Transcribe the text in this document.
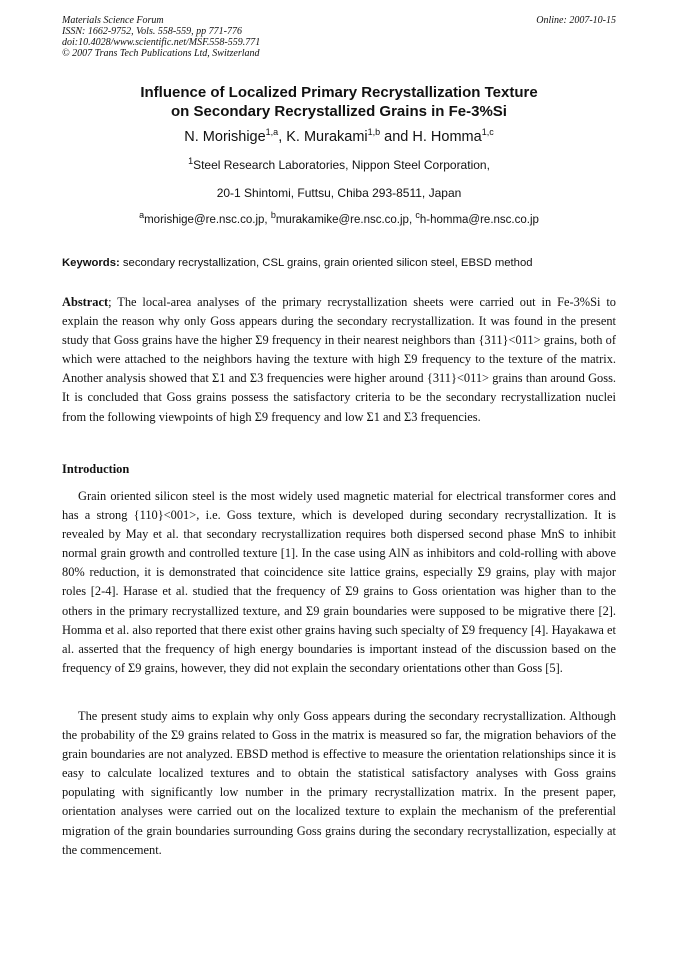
Materials Science Forum
ISSN: 1662-9752, Vols. 558-559, pp 771-776
doi:10.4028/www.scientific.net/MSF.558-559.771
© 2007 Trans Tech Publications Ltd, Switzerland
Online: 2007-10-15
Influence of Localized Primary Recrystallization Texture
on Secondary Recrystallized Grains in Fe-3%Si
N. Morishige$^{1,a}$, K. Murakami$^{1,b}$ and H. Homma$^{1,c}$
$^1$Steel Research Laboratories, Nippon Steel Corporation,
20-1 Shintomi, Futtsu, Chiba 293-8511, Japan
$^a$morishige@re.nsc.co.jp, $^b$murakamike@re.nsc.co.jp, $^c$h-homma@re.nsc.co.jp
Keywords: secondary recrystallization, CSL grains, grain oriented silicon steel, EBSD method
Abstract; The local-area analyses of the primary recrystallization sheets were carried out in Fe-3%Si to explain the reason why only Goss appears during the secondary recrystallization. It was found in the present study that Goss grains have the higher Σ9 frequency in their nearest neighbors than {311}<011> grains, both of which were attached to the neighbors having the texture with high Σ9 frequency to the texture of the matrix. Another analysis showed that Σ1 and Σ3 frequencies were higher around {311}<011> grains than around Goss. It is concluded that Goss grains possess the satisfactory criteria to be the secondary recrystallization nuclei from the following viewpoints of high Σ9 frequency and low Σ1 and Σ3 frequencies.
Introduction
Grain oriented silicon steel is the most widely used magnetic material for electrical transformer cores and has a strong {110}<001>, i.e. Goss texture, which is developed during secondary recrystallization. It is revealed by May et al. that secondary recrystallization requires both dispersed second phase MnS to inhibit normal grain growth and controlled texture [1]. In the case using AlN as inhibitors and cold-rolling with above 80% reduction, it is demonstrated that coincidence site lattice grains, especially Σ9 grains, play with major roles [2-4]. Harase et al. studied that the frequency of Σ9 grains to Goss orientation was higher than to the others in the primary recrystallized texture, and Σ9 grain boundaries were supposed to be migrative there [2]. Homma et al. also reported that there exist other grains having such specialty of Σ9 frequency [4]. Hayakawa et al. asserted that the frequency of high energy boundaries is important instead of the discussion based on the frequency of Σ9 grains, however, they did not explain the secondary orientations other than Goss [5].
The present study aims to explain why only Goss appears during the secondary recrystallization. Although the probability of the Σ9 grains related to Goss in the matrix is measured so far, the migration behaviors of the grain boundaries are not analyzed. EBSD method is effective to measure the orientation relationships since it is easy to calculate localized textures and to obtain the statistical satisfactory analyses with Goss grains populating with significantly low number in the primary recrystallization matrix. In the present paper, orientation analyses were carried out on the localized texture to explain the mechanism of the preferential migration of the grain boundaries surrounding Goss grains during the secondary recrystallization, especially at the commencement.
